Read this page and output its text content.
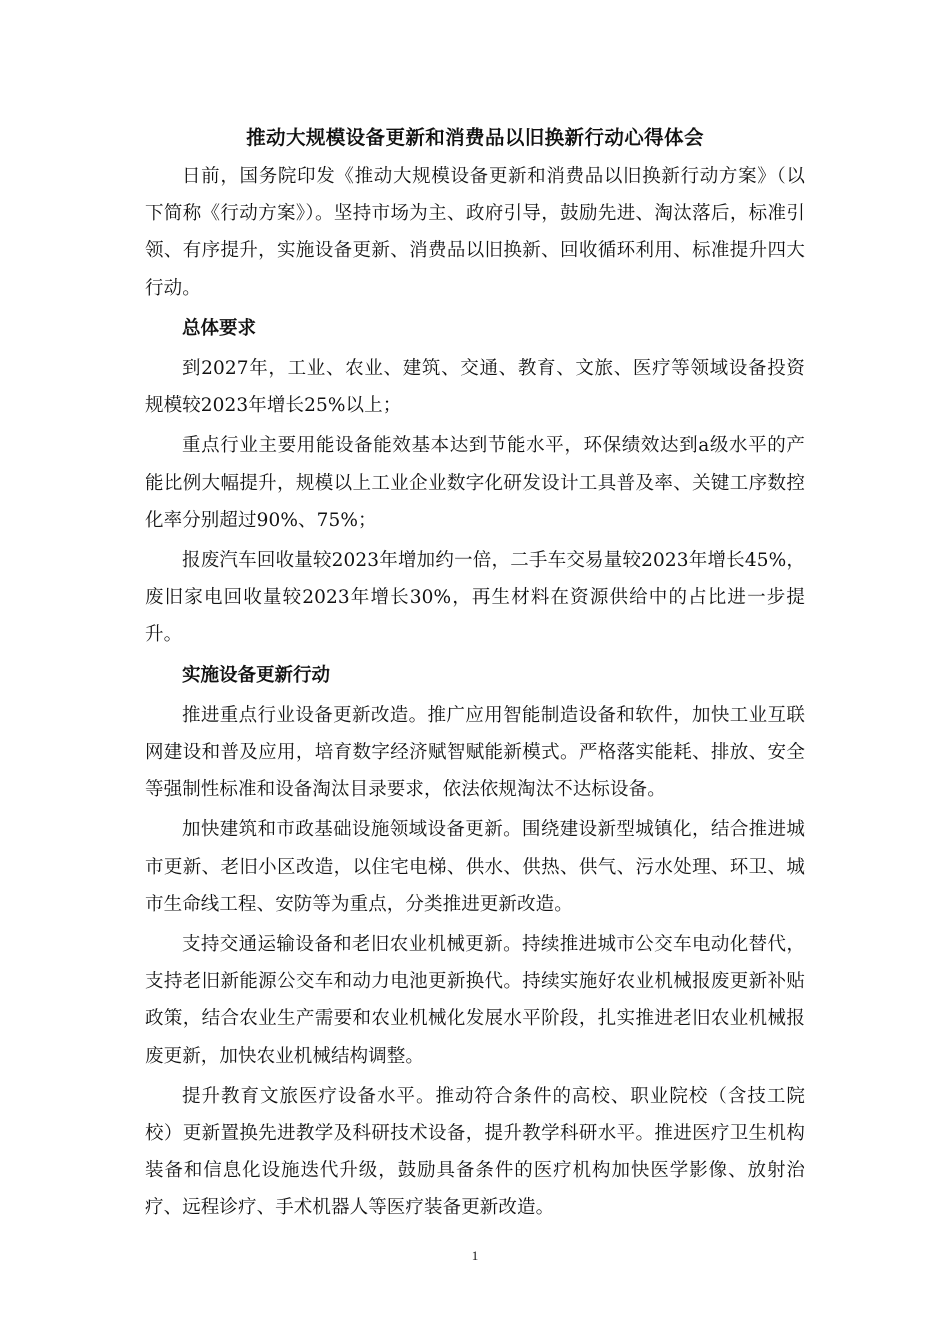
推动大规模设备更新和消费品以旧换新行动心得体会

日前，国务院印发《推动大规模设备更新和消费品以旧换新行动方案》（以下简称《行动方案》）。坚持市场为主、政府引导，鼓励先进、淘汰落后，标准引领、有序提升，实施设备更新、消费品以旧换新、回收循环利用、标准提升四大行动。

总体要求

到2027年，工业、农业、建筑、交通、教育、文旅、医疗等领域设备投资规模较2023年增长25%以上；

重点行业主要用能设备能效基本达到节能水平，环保绩效达到a级水平的产能比例大幅提升，规模以上工业企业数字化研发设计工具普及率、关键工序数控化率分别超过90%、75%；

报废汽车回收量较2023年增加约一倍，二手车交易量较2023年增长45%，废旧家电回收量较2023年增长30%，再生材料在资源供给中的占比进一步提升。

实施设备更新行动

推进重点行业设备更新改造。推广应用智能制造设备和软件，加快工业互联网建设和普及应用，培育数字经济赋智赋能新模式。严格落实能耗、排放、安全等强制性标准和设备淘汰目录要求，依法依规淘汰不达标设备。

加快建筑和市政基础设施领域设备更新。围绕建设新型城镇化，结合推进城市更新、老旧小区改造，以住宅电梯、供水、供热、供气、污水处理、环卫、城市生命线工程、安防等为重点，分类推进更新改造。

支持交通运输设备和老旧农业机械更新。持续推进城市公交车电动化替代，支持老旧新能源公交车和动力电池更新换代。持续实施好农业机械报废更新补贴政策，结合农业生产需要和农业机械化发展水平阶段，扎实推进老旧农业机械报废更新，加快农业机械结构调整。

提升教育文旅医疗设备水平。推动符合条件的高校、职业院校（含技工院校）更新置换先进教学及科研技术设备，提升教学科研水平。推进医疗卫生机构装备和信息化设施迭代升级，鼓励具备条件的医疗机构加快医学影像、放射治疗、远程诊疗、手术机器人等医疗装备更新改造。

1
